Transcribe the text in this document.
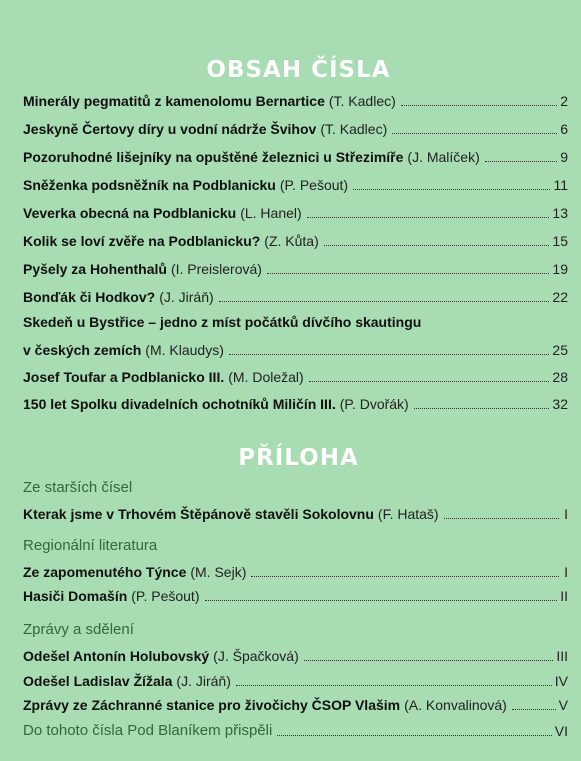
OBSAH ČÍSLA
Minerály pegmatitů z kamenolomu Bernartice (T. Kadlec)	2
Jeskyně Čertovy díry u vodní nádrže Švihov (T. Kadlec)	6
Pozoruhodné lišejníky na opuštěné železnici u Střezimíře (J. Malíček)	9
Sněženka podsněžník na Podblanicku (P. Pešout)	11
Veverka obecná na Podblanicku (L. Hanel)	13
Kolik se loví zvěře na Podblanicku? (Z. Kůta)	15
Pyšely za Hohenthalů (I. Preislerová)	19
Bonďák či Hodkov? (J. Jiráň)	22
Skedeň u Bystřice – jedno z míst počátků dívčího skautingu
v českých zemích (M. Klaudys)	25
Josef Toufar a Podblanicko III. (M. Doležal)	28
150 let Spolku divadelních ochotníků Miličín III. (P. Dvořák)	32
PŘÍLOHA
Ze starších čísel
Kterak jsme v Trhovém Štěpánově stavěli Sokolovnu (F. Hataš)	I
Regionální literatura
Ze zapomenutého Týnce (M. Sejk)	I
Hasiči Domašín (P. Pešout)	II
Zprávy a sdělení
Odešel Antonín Holubovský (J. Špačková)	III
Odešel Ladislav Žížala (J. Jiráň)	IV
Zprávy ze Záchranné stanice pro živočichy ČSOP Vlašim (A. Konvalinová)	V
Do tohoto čísla Pod Blaníkem přispěli	VI
